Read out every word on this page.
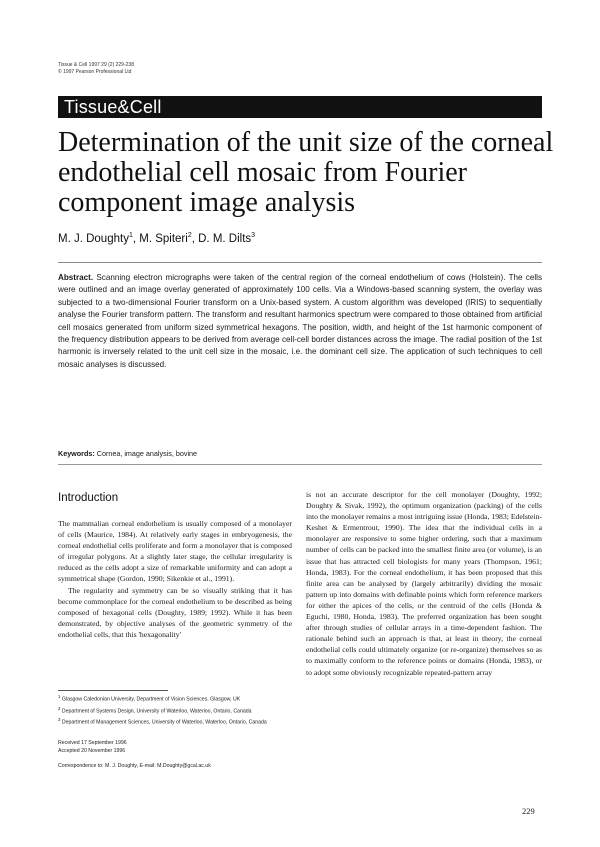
Tissue & Cell 1997 29 (2) 229-238
© 1997 Pearson Professional Ltd
Tissue&Cell
Determination of the unit size of the corneal endothelial cell mosaic from Fourier component image analysis
M. J. Doughty$^1$, M. Spiteri$^2$, D. M. Dilts$^3$
Abstract. Scanning electron micrographs were taken of the central region of the corneal endothelium of cows (Holstein). The cells were outlined and an image overlay generated of approximately 100 cells. Via a Windows-based scanning system, the overlay was subjected to a two-dimensional Fourier transform on a Unix-based system. A custom algorithm was developed (IRIS) to sequentially analyse the Fourier transform pattern. The transform and resultant harmonics spectrum were compared to those obtained from artificial cell mosaics generated from uniform sized symmetrical hexagons. The position, width, and height of the 1st harmonic component of the frequency distribution appears to be derived from average cell-cell border distances across the image. The radial position of the 1st harmonic is inversely related to the unit cell size in the mosaic, i.e. the dominant cell size. The application of such techniques to cell mosaic analyses is discussed.
Keywords: Cornea, image analysis, bovine
Introduction

The mammalian corneal endothelium is usually composed of a monolayer of cells (Maurice, 1984). At relatively early stages in embryogenesis, the corneal endothelial cells proliferate and form a monolayer that is composed of irregular polygons. At a slightly later stage, the cellular irregularity is reduced as the cells adopt a size of remarkable uniformity and can adopt a symmetrical shape (Gordon, 1990; Sikenkie et al., 1991).

The regularity and symmetry can be so visually striking that it has become commonplace for the corneal endothelium to be described as being composed of hexagonal cells (Doughty, 1989; 1992). While it has been demonstrated, by objective analyses of the geometric symmetry of the endothelial cells, that this 'hexagonality'

is not an accurate descriptor for the cell monolayer (Doughty, 1992; Doughty & Sivak, 1992), the optimum organization (packing) of the cells into the monolayer remains a most intriguing issue (Honda, 1983; Edelstein-Keshet & Ermentrout, 1990). The idea that the individual cells in a monolayer are responsive to some higher ordering, such that a maximum number of cells can be packed into the smallest finite area (or volume), is an issue that has attracted cell biologists for many years (Thompson, 1961; Honda, 1983). For the corneal endothelium, it has been proposed that this finite area can be analysed by (largely arbitrarily) dividing the mosaic pattern up into domains with definable points which form reference markers for either the apices of the cells, or the centroid of the cells (Honda & Eguchi, 1980, Honda, 1983). The preferred organization has been sought after through studies of cellular arrays in a time-dependent fashion. The rationale behind such an approach is that, at least in theory, the corneal endothelial cells could ultimately organize (or re-organize) themselves so as to maximally conform to the reference points or domains (Honda, 1983), or to adopt some obviously recognizable repeated-pattern array

$^1$ Glasgow Caledonian University, Department of Vision Sciences, Glasgow, UK
$^2$ Department of Systems Design, University of Waterloo, Waterloo, Ontario, Canada
$^3$ Department of Management Sciences, University of Waterloo, Waterloo, Ontario, Canada
Received 17 September 1996
Accepted 20 November 1996
Correspondence to: M. J. Doughty, E-mail: M.Doughty@gcal.ac.uk
229
